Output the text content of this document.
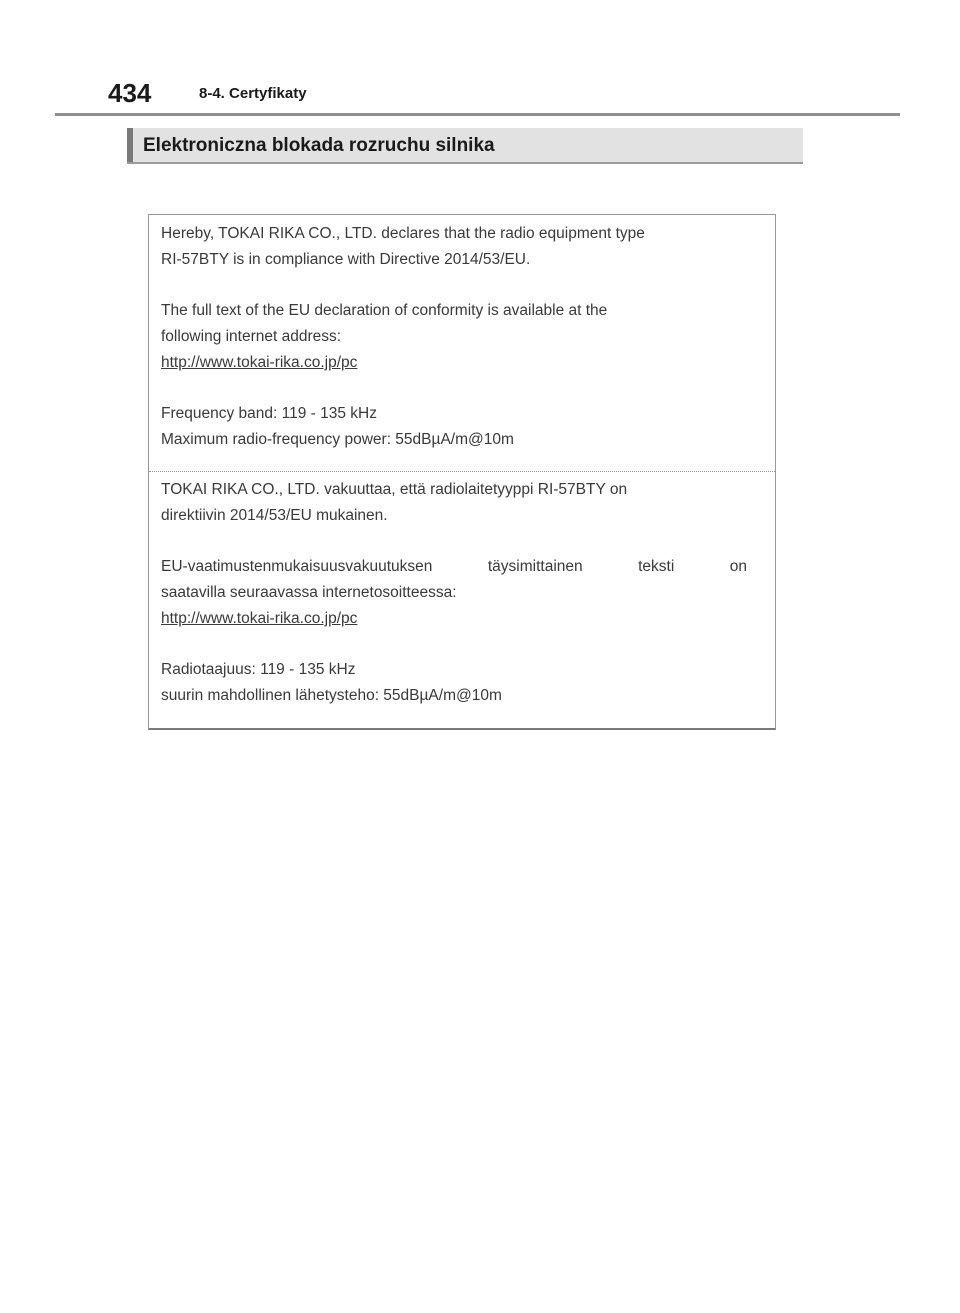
434	8-4. Certyfikaty
Elektroniczna blokada rozruchu silnika
Hereby, TOKAI RIKA CO., LTD. declares that the radio equipment type
RI-57BTY is in compliance with Directive 2014/53/EU.
The full text of the EU declaration of conformity is available at the
following internet address:
http://www.tokai-rika.co.jp/pc
Frequency band: 119 - 135 kHz
Maximum radio-frequency power: 55dBµA/m@10m
TOKAI RIKA CO., LTD. vakuuttaa, että radiolaitetyyppi RI-57BTY on
direktiivin 2014/53/EU mukainen.
EU-vaatimustenmukaisuusvakuutuksen	täysimittainen	teksti	on
saatavilla seuraavassa internetosoitteessa:
http://www.tokai-rika.co.jp/pc
Radiotaajuus: 119 - 135 kHz
suurin mahdollinen lähetysteho: 55dBµA/m@10m
